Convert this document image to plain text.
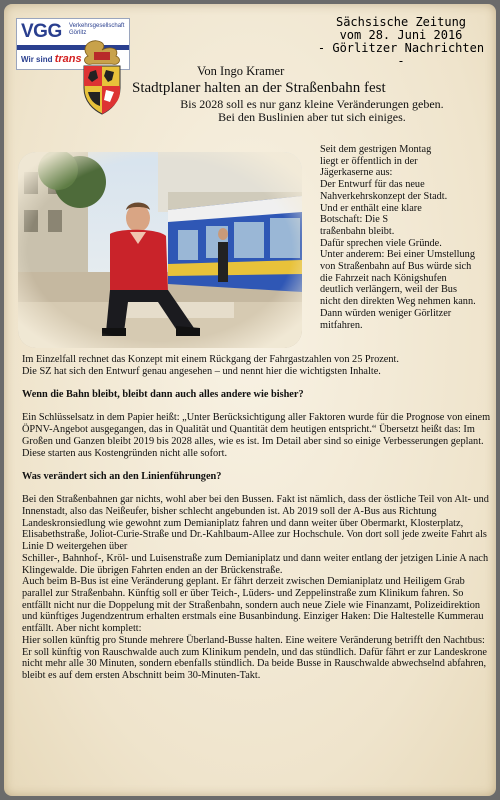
VGG Verkehrsgesellschaft Görlitz
Wir sind trans
Sächsische Zeitung
vom 28. Juni 2016
- Görlitzer Nachrichten -
Von Ingo Kramer
Stadtplaner halten an der Straßenbahn fest
Bis 2028 soll es nur ganz kleine Veränderungen geben.
Bei den Buslinien aber tut sich einiges.
Seit dem gestrigen Montag
liegt er öffentlich in der
Jägerkaserne aus:
Der Entwurf für das neue
Nahverkehrskonzept der Stadt.
Und er enthält eine klare
Botschaft: Die S
traßenbahn bleibt.
Dafür sprechen viele Gründe.
Unter anderem: Bei einer Umstellung
von Straßenbahn auf Bus würde sich
die Fahrzeit nach Königshufen
deutlich verlängern, weil der Bus
nicht den direkten Weg nehmen kann.
Dann würden weniger Görlitzer
mitfahren.

Im Einzelfall rechnet das Konzept mit einem Rückgang der Fahrgastzahlen von 25 Prozent.
Die SZ hat sich den Entwurf genau angesehen – und nennt hier die wichtigsten Inhalte.

Wenn die Bahn bleibt, bleibt dann auch alles andere wie bisher?

Ein Schlüsselsatz in dem Papier heißt: „Unter Berücksichtigung aller Faktoren wurde für die Prognose von einem ÖPNV-Angebot ausgegangen, das in Qualität und Quantität dem heutigen entspricht.“ Übersetzt heißt das: Im Großen und Ganzen bleibt 2019 bis 2028 alles, wie es ist. Im Detail aber sind so einige Verbesserungen geplant. Diese starten aus Kostengründen nicht alle sofort.

Was verändert sich an den Linienführungen?

Bei den Straßenbahnen gar nichts, wohl aber bei den Bussen. Fakt ist nämlich, dass der östliche Teil von Alt- und Innenstadt, also das Neißeufer, bisher schlecht angebunden ist. Ab 2019 soll der A-Bus aus Richtung Landeskronsiedlung wie gewohnt zum Demianiplatz fahren und dann weiter über Obermarkt, Klosterplatz, Elisabethstraße, Joliot-Curie-Straße und Dr.-Kahlbaum-Allee zur Hochschule. Von dort soll jede zweite Fahrt als Linie D weitergehen über
Schiller-, Bahnhof-, Kröl- und Luisenstraße zum Demianiplatz und dann weiter entlang der jetzigen Linie A nach Klingewalde. Die übrigen Fahrten enden an der Brückenstraße.
Auch beim B-Bus ist eine Veränderung geplant. Er fährt derzeit zwischen Demianiplatz und Heiligem Grab parallel zur Straßenbahn. Künftig soll er über Teich-, Lüders- und Zeppelinstraße zum Klinikum fahren. So entfällt nicht nur die Doppelung mit der Straßenbahn, sondern auch neue Ziele wie Finanzamt, Polizeidirektion und künftiges Jugendzentrum erhalten erstmals eine Busanbindung. Einziger Haken: Die Haltestelle Kummerau entfällt. Aber nicht komplett:
Hier sollen künftig pro Stunde mehrere Überland-Busse halten. Eine weitere Veränderung betrifft den Nachtbus: Er soll künftig von Rauschwalde auch zum Klinikum pendeln, und das stündlich. Dafür fährt er zur Landeskrone nicht mehr alle 30 Minuten, sondern ebenfalls stündlich. Da beide Busse in Rauschwalde abwechselnd abfahren, bleibt es auf dem ersten Abschnitt beim 30-Minuten-Takt.
